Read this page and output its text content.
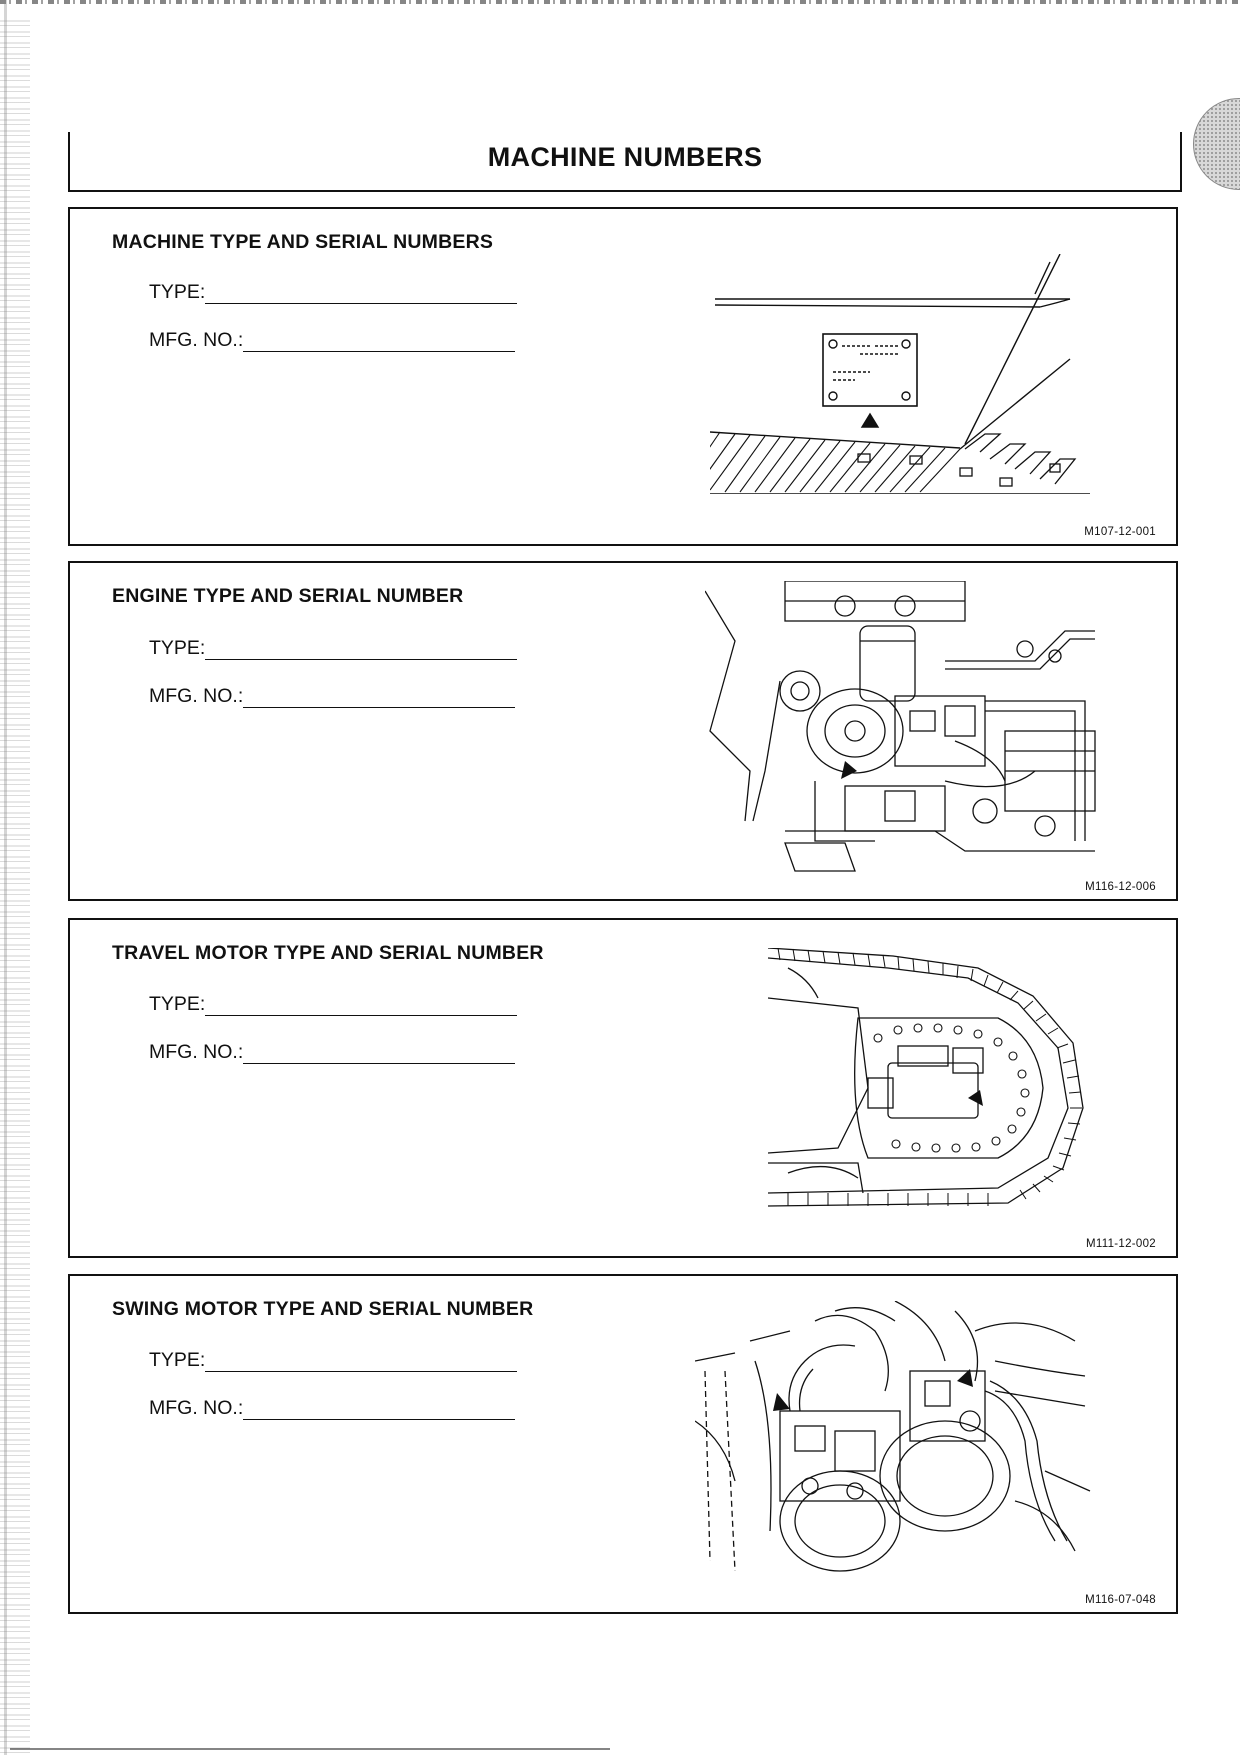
MACHINE NUMBERS
MACHINE TYPE AND SERIAL NUMBERS
TYPE:
MFG. NO.:
M107-12-001
ENGINE TYPE AND SERIAL NUMBER
TYPE:
MFG. NO.:
M116-12-006
TRAVEL MOTOR TYPE AND SERIAL NUMBER
TYPE:
MFG. NO.:
M111-12-002
SWING MOTOR TYPE AND SERIAL NUMBER
TYPE:
MFG. NO.:
M116-07-048
